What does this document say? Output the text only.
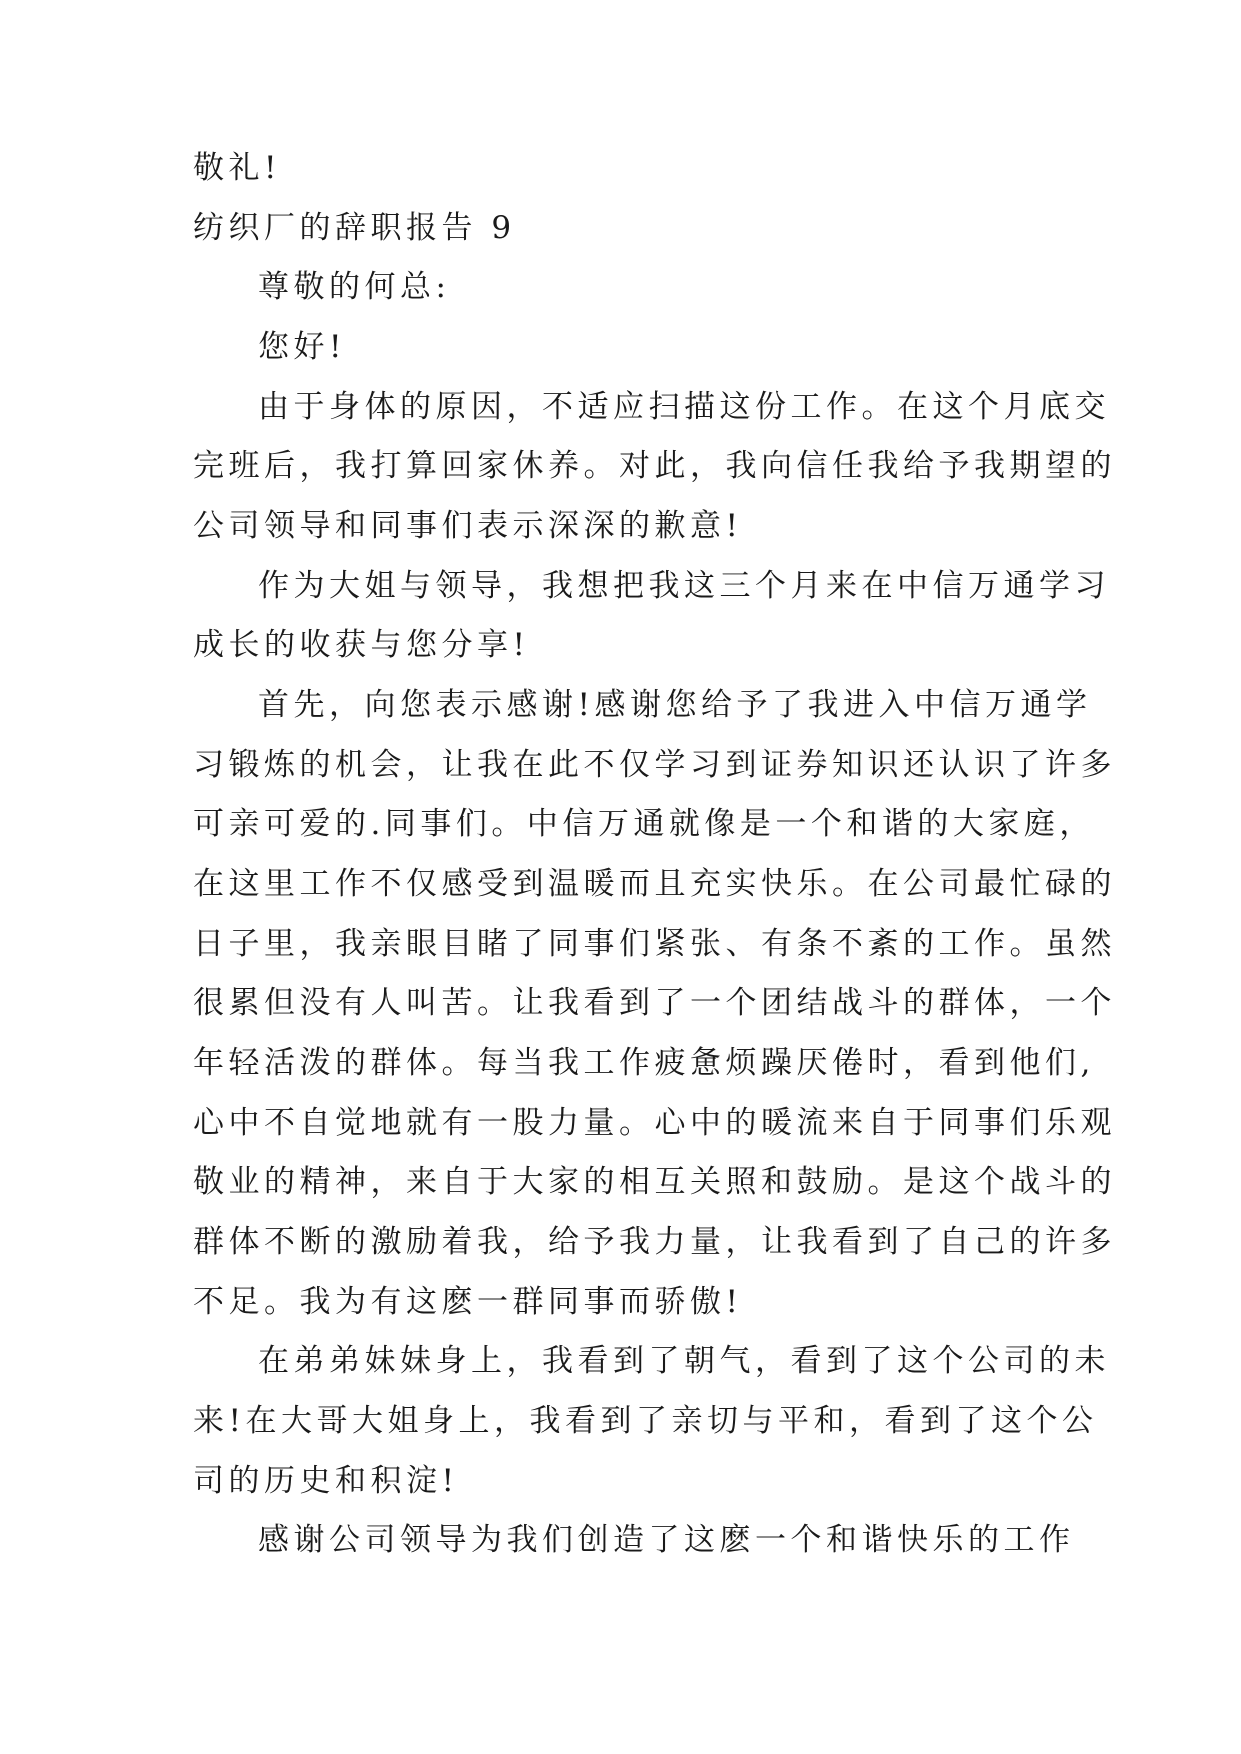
敬礼!
纺织厂的辞职报告 9
尊敬的何总:
您好!
由于身体的原因，不适应扫描这份工作。在这个月底交
完班后，我打算回家休养。对此，我向信任我给予我期望的
公司领导和同事们表示深深的歉意!
作为大姐与领导，我想把我这三个月来在中信万通学习
成长的收获与您分享!
首先，向您表示感谢!感谢您给予了我进入中信万通学
习锻炼的机会，让我在此不仅学习到证券知识还认识了许多
可亲可爱的.同事们。中信万通就像是一个和谐的大家庭，
在这里工作不仅感受到温暖而且充实快乐。在公司最忙碌的
日子里，我亲眼目睹了同事们紧张、有条不紊的工作。虽然
很累但没有人叫苦。让我看到了一个团结战斗的群体，一个
年轻活泼的群体。每当我工作疲惫烦躁厌倦时，看到他们,
心中不自觉地就有一股力量。心中的暖流来自于同事们乐观
敬业的精神，来自于大家的相互关照和鼓励。是这个战斗的
群体不断的激励着我，给予我力量，让我看到了自己的许多
不足。我为有这麽一群同事而骄傲!
在弟弟妹妹身上，我看到了朝气，看到了这个公司的未
来!在大哥大姐身上，我看到了亲切与平和，看到了这个公
司的历史和积淀!
感谢公司领导为我们创造了这麽一个和谐快乐的工作
